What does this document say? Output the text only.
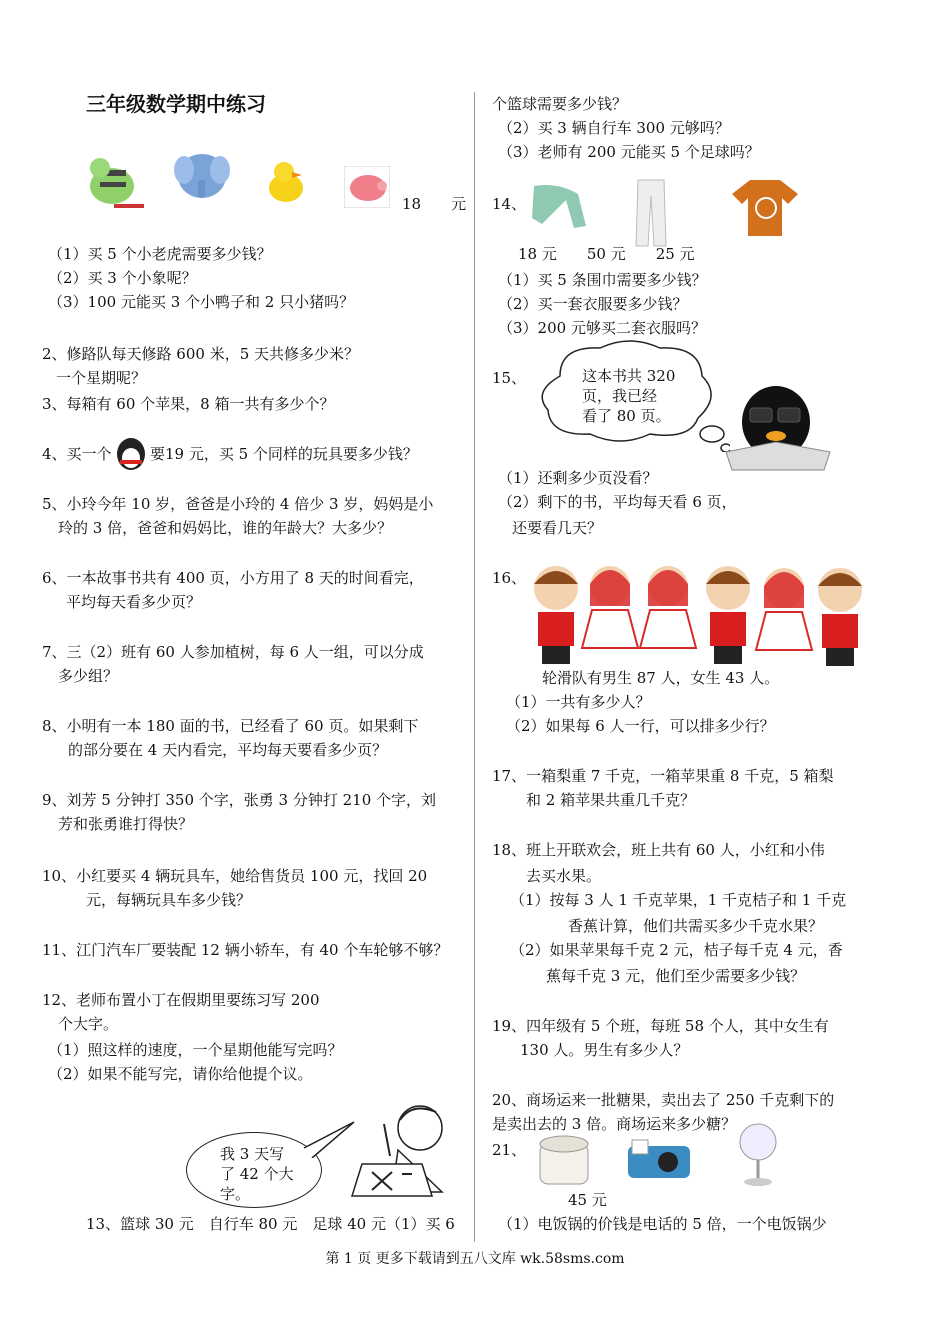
三年级数学期中练习
18　　元
（1）买 5 个小老虎需要多少钱？
（2）买 3 个小象呢？
（3）100 元能买 3 个小鸭子和 2 只小猪吗？
2、修路队每天修路 600 米，5 天共修多少米？
一个星期呢？
3、每箱有 60 个苹果，8 箱一共有多少个？
4、买一个	要19 元，买 5 个同样的玩具要多少钱？
5、小玲今年 10 岁，爸爸是小玲的 4 倍少 3 岁，妈妈是小
玲的 3 倍，爸爸和妈妈比，谁的年龄大？大多少？
6、一本故事书共有 400 页，小方用了 8 天的时间看完，
平均每天看多少页？
7、三（2）班有 60 人参加植树，每 6 人一组，可以分成
多少组？
8、小明有一本 180 面的书，已经看了 60 页。如果剩下
的部分要在 4 天内看完，平均每天要看多少页？
9、刘芳 5 分钟打 350 个字，张勇 3 分钟打 210 个字，刘
芳和张勇谁打得快？
10、小红要买 4 辆玩具车，她给售货员 100 元，找回 20
元，每辆玩具车多少钱？
11、江门汽车厂要装配 12 辆小轿车，有 40 个车轮够不够？
12、老师布置小丁在假期里要练习写 200
个大字。
（1）照这样的速度，一个星期他能写完吗？
（2）如果不能写完，请你给他提个议。
13、篮球 30 元　自行车 80 元　足球 40 元（1）买 6
我 3 天写
了 42 个大
字。
个篮球需要多少钱？
（2）买 3 辆自行车 300 元够吗？
（3）老师有 200 元能买 5 个足球吗？
14、
18 元　　50 元　　25 元
（1）买 5 条围巾需要多少钱？
（2）买一套衣服要多少钱？
（3）200 元够买二套衣服吗？
15、
（1）还剩多少页没看？
（2）剩下的书，平均每天看 6 页，
还要看几天？
16、
轮滑队有男生 87 人，女生 43 人。
（1）一共有多少人？
（2）如果每 6 人一行，可以排多少行？
17、一箱梨重 7 千克，一箱苹果重 8 千克，5 箱梨
和 2 箱苹果共重几千克？
18、班上开联欢会，班上共有 60 人，小红和小伟
去买水果。
（1）按每 3 人 1 千克苹果，1 千克桔子和 1 千克
香蕉计算，他们共需买多少千克水果？
（2）如果苹果每千克 2 元，桔子每千克 4 元，香
蕉每千克 3 元，他们至少需要多少钱？
19、四年级有 5 个班，每班 58 个人，其中女生有
130 人。男生有多少人？
20、商场运来一批糖果，卖出去了 250 千克剩下的
是卖出去的 3 倍。商场运来多少糖？
21、
45 元
（1）电饭锅的价钱是电话的 5 倍，一个电饭锅少
这本书共 320
页，我已经
看了 80 页。
第 1 页 更多下载请到五八文库 wk.58sms.com
